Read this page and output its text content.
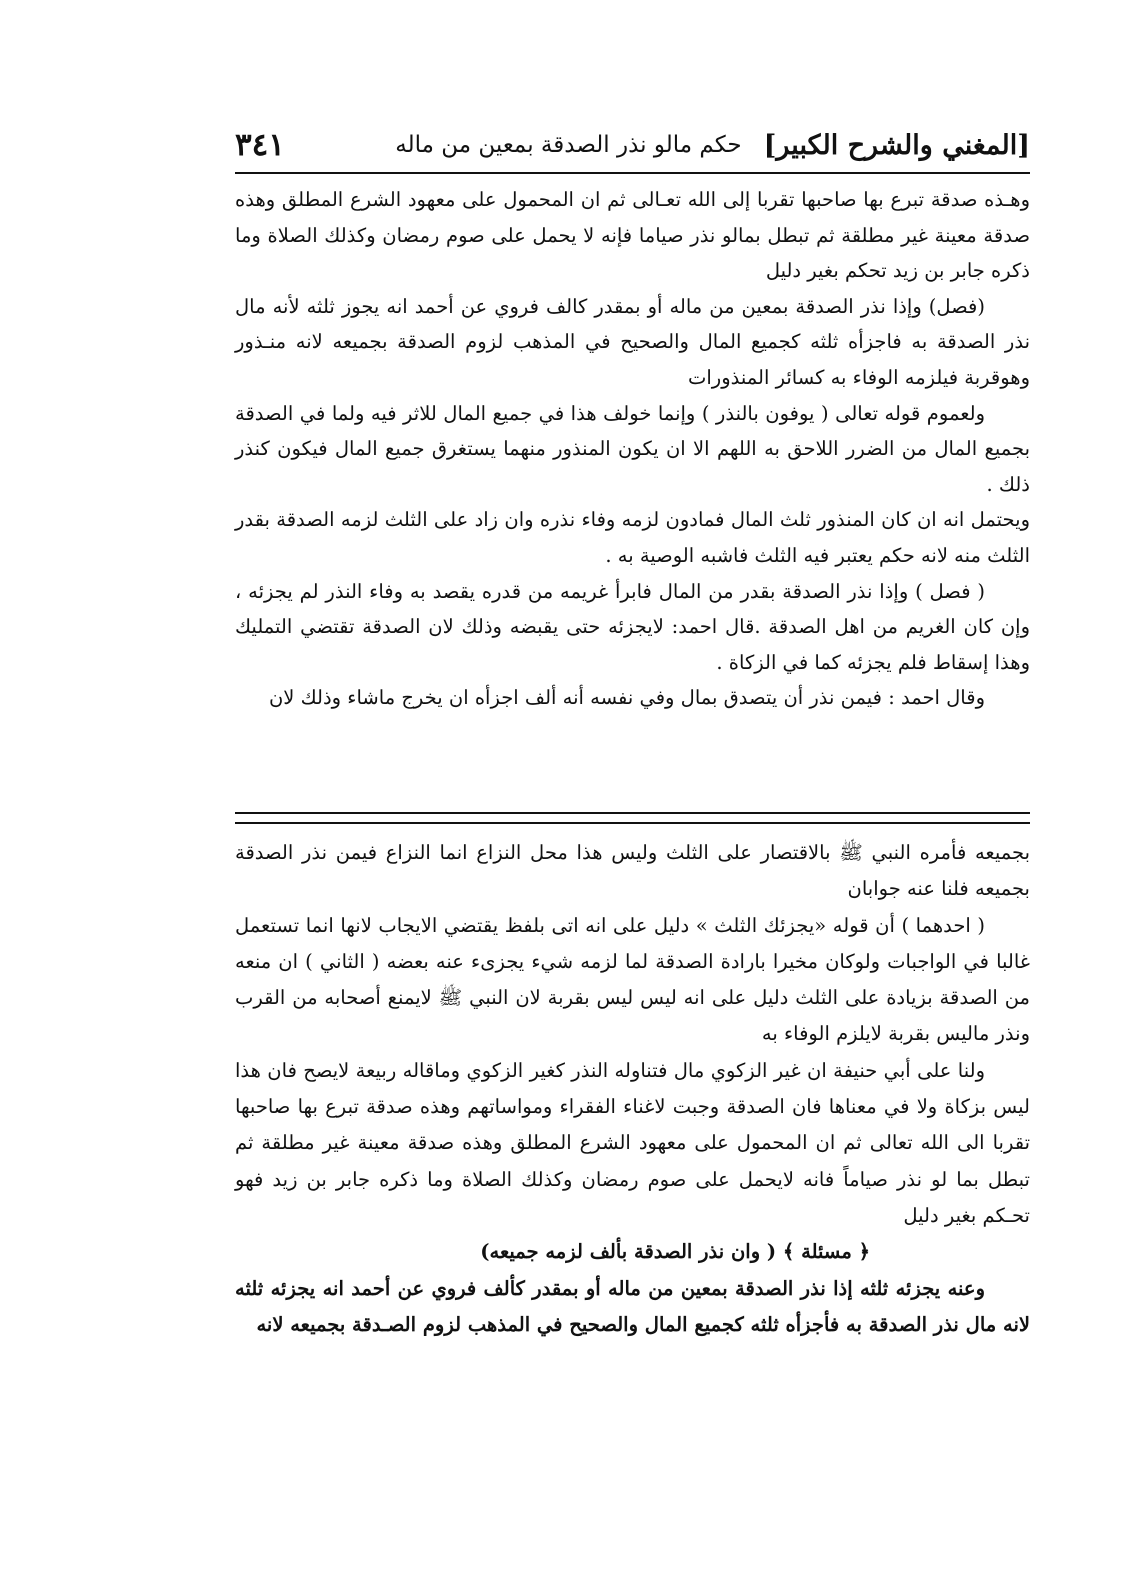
[المغني والشرح الكبير]
حكم مالو نذر الصدقة بمعين من ماله
٣٤١

وهـذه صدقة تبرع بها صاحبها تقربا إلى الله تعـالى ثم ان المحمول على معهود الشرع المطلق وهذه صدقة معينة غير مطلقة ثم تبطل بمالو نذر صياما فإنه لا يحمل على صوم رمضان وكذلك الصلاة وما ذكره جابر بن زيد تحكم بغير دليل

(فصل) وإذا نذر الصدقة بمعين من ماله أو بمقدر كالف فروي عن أحمد انه يجوز ثلثه لأنه مال نذر الصدقة به فاجزأه ثلثه كجميع المال والصحيح في المذهب لزوم الصدقة بجميعه لانه منـذور وهوقربة فيلزمه الوفاء به كسائر المنذورات

ولعموم قوله تعالى ( يوفون بالنذر ) وإنما خولف هذا في جميع المال للاثر فيه ولما في الصدقة بجميع المال من الضرر اللاحق به اللهم الا ان يكون المنذور منهما يستغرق جميع المال فيكون كنذر ذلك .

ويحتمل انه ان كان المنذور ثلث المال فمادون لزمه وفاء نذره وان زاد على الثلث لزمه الصدقة بقدر الثلث منه لانه حكم يعتبر فيه الثلث فاشبه الوصية به .

( فصل ) وإذا نذر الصدقة بقدر من المال فابرأ غريمه من قدره يقصد به وفاء النذر لم يجزئه ، وإن كان الغريم من اهل الصدقة .قال احمد: لايجزئه حتى يقبضه وذلك لان الصدقة تقتضي التمليك وهذا إسقاط فلم يجزئه كما في الزكاة .

وقال احمد : فيمن نذر أن يتصدق بمال وفي نفسه أنه ألف اجزأه ان يخرج ماشاء وذلك لان

بجميعه فأمره النبي ﷺ بالاقتصار على الثلث وليس هذا محل النزاع انما النزاع فيمن نذر الصدقة بجميعه فلنا عنه جوابان

( احدهما ) أن قوله «يجزئك الثلث » دليل على انه اتى بلفظ يقتضي الايجاب لانها انما تستعمل غالبا في الواجبات ولوكان مخيرا بارادة الصدقة لما لزمه شيء يجزىء عنه بعضه ( الثاني ) ان منعه من الصدقة بزيادة على الثلث دليل على انه ليس ليس بقربة لان النبي ﷺ لايمنع أصحابه من القرب ونذر ماليس بقربة لايلزم الوفاء به

ولنا على أبي حنيفة ان غير الزكوي مال فتناوله النذر كغير الزكوي وماقاله ربيعة لايصح فان هذا ليس بزكاة ولا في معناها فان الصدقة وجبت لاغناء الفقراء ومواساتهم وهذه صدقة تبرع بها صاحبها تقربا الى الله تعالى ثم ان المحمول على معهود الشرع المطلق وهذه صدقة معينة غير مطلقة ثم تبطل بما لو نذر صياماً فانه لايحمل على صوم رمضان وكذلك الصلاة وما ذكره جابر بن زيد فهو تحـكم بغير دليل

﴿ مسئلة ﴾ ( وان نذر الصدقة بألف لزمه جميعه)

وعنه يجزئه ثلثه إذا نذر الصدقة بمعين من ماله أو بمقدر كألف فروي عن أحمد انه يجزئه ثلثه لانه مال نذر الصدقة به فأجزأه ثلثه كجميع المال والصحيح في المذهب لزوم الصـدقة بجميعه لانه
